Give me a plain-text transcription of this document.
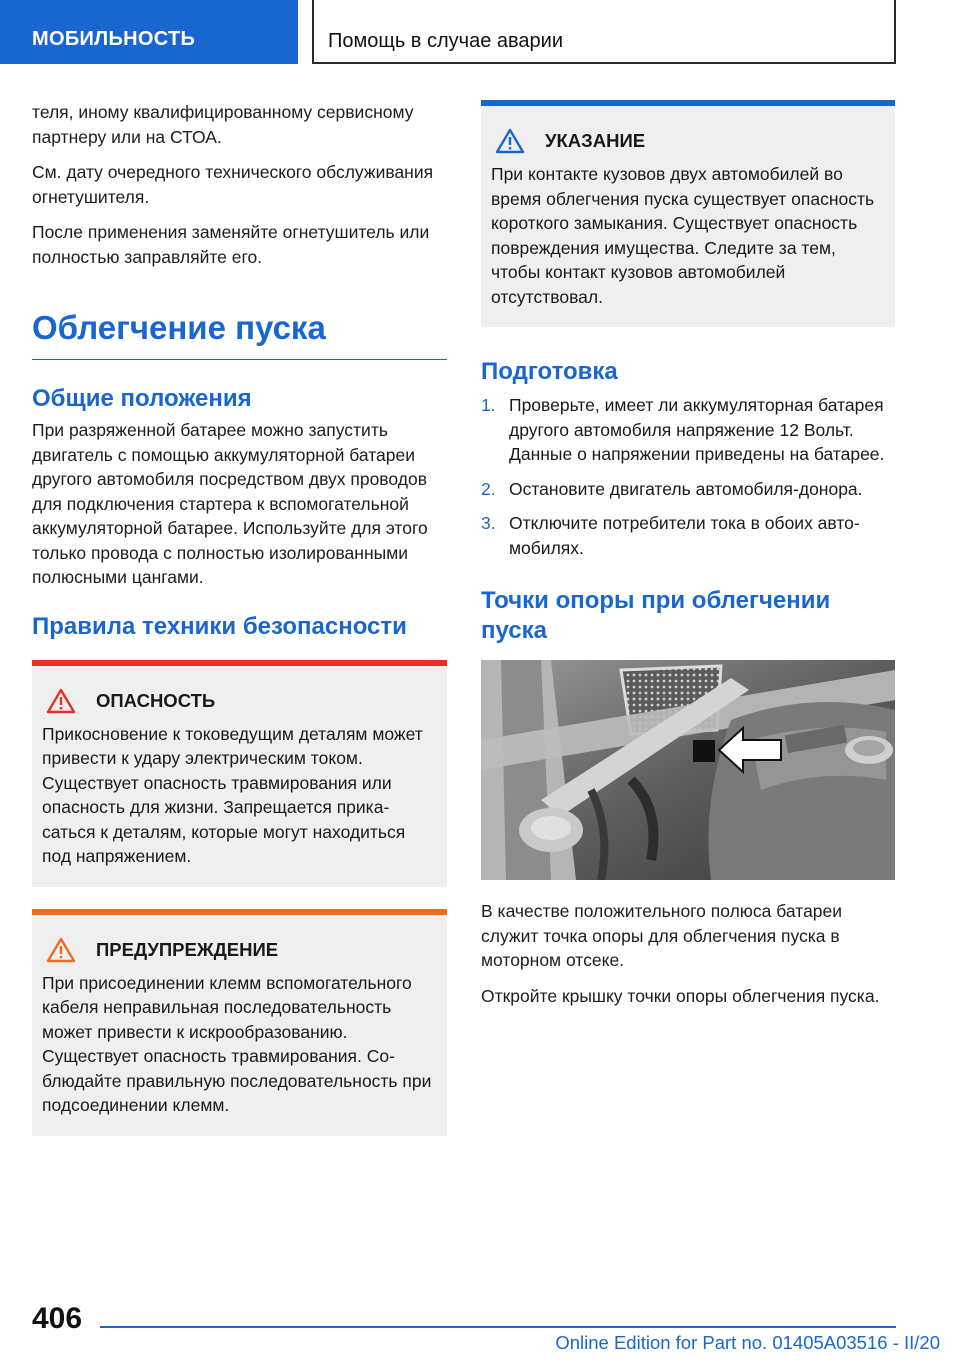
МОБИЛЬНОСТЬ	Помощь в случае аварии

теля, иному квалифицированному сервисному партнеру или на СТОА.

См. дату очередного технического обслуживания огнетушителя.

После применения заменяйте огнетушитель или полностью заправляйте его.

Облегчение пуска
Общие положения

При разряженной батарее можно запустить двигатель с помощью аккумуляторной батареи другого автомобиля посредством двух проводов для подключения стартера к вспомогательной аккумуляторной батарее. Используйте для этого только провода с полностью изолированными полюсными цангами.

Правила техники безопасности
ОПАСНОСТЬ

Прикосновение к токоведущим деталям может привести к удару электрическим током. Существует опасность травмирования или опасность для жизни. Запрещается прикасаться к деталям, которые могут находиться под напряжением.

ПРЕДУПРЕЖДЕНИЕ

При присоединении клемм вспомогательного кабеля неправильная последовательность может привести к искрообразованию. Существует опасность травмирования. Соблюдайте правильную последовательность при подсоединении клемм.

УКАЗАНИЕ

При контакте кузовов двух автомобилей во время облегчения пуска существует опасность короткого замыкания. Существует опасность повреждения имущества. Следите за тем, чтобы контакт кузовов автомобилей отсутствовал.

Подготовка
1. Проверьте, имеет ли аккумуляторная батарея другого автомобиля напряжение 12 Вольт. Данные о напряжении приведены на батарее.
2. Остановите двигатель автомобиля-донора.
3. Отключите потребители тока в обоих автомобилях.
Точки опоры при облегчении пуска

В качестве положительного полюса батареи служит точка опоры для облегчения пуска в моторном отсеке.

Откройте крышку точки опоры облегчения пуска.

406
Online Edition for Part no. 01405A03516 - II/20
